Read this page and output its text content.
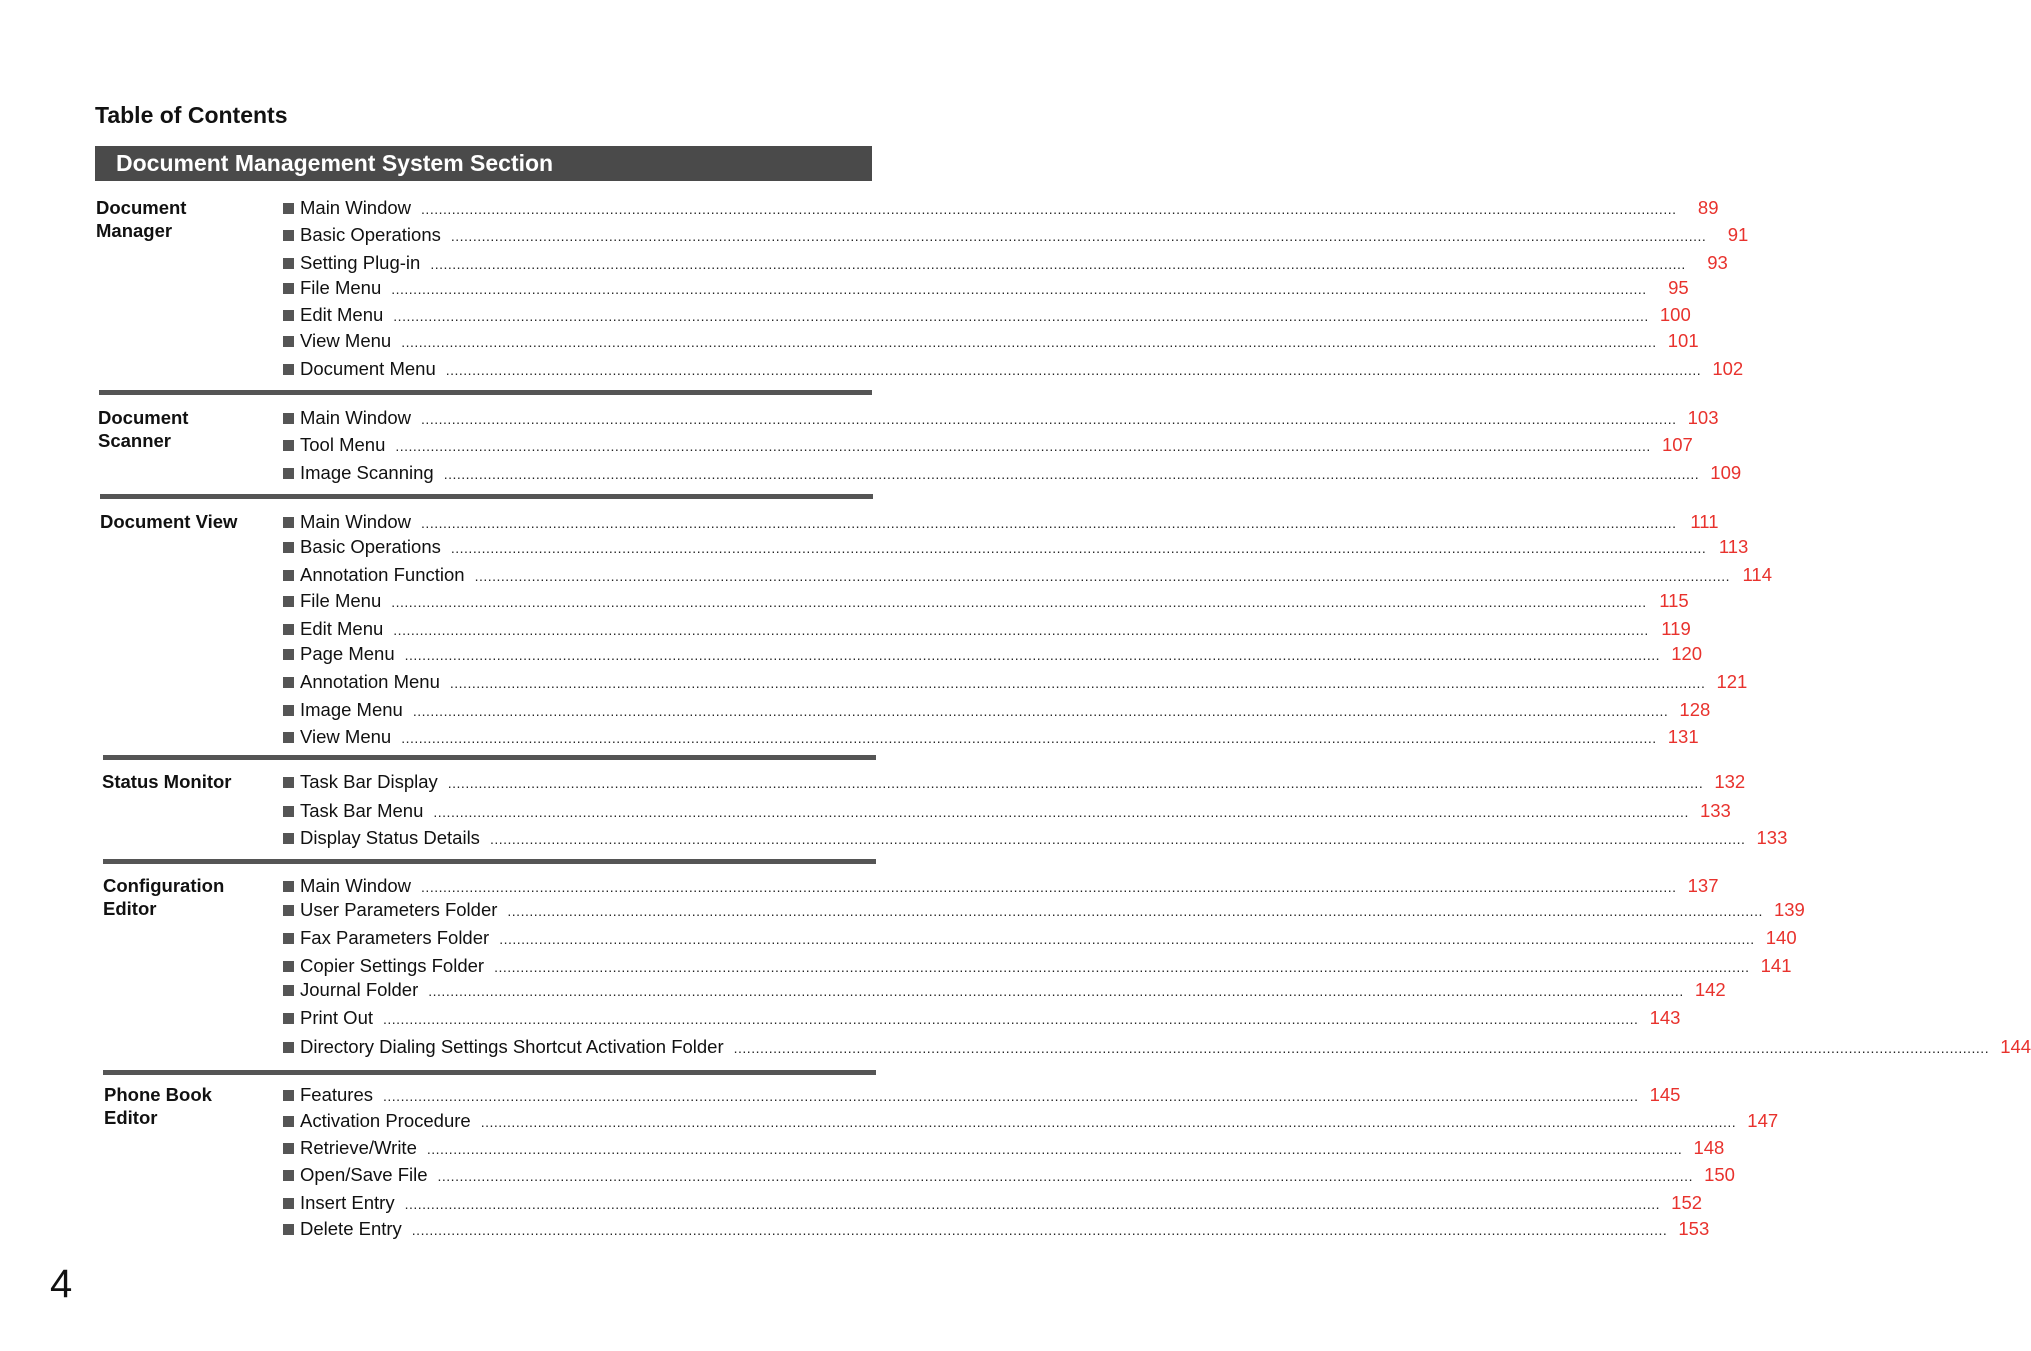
Table of Contents
Document Management System Section
Document
Manager
Main Window ..............................................................................................................................................................................................................................................................................................	89
Basic Operations ..............................................................................................................................................................................................................................................................................................	91
Setting Plug-in ..............................................................................................................................................................................................................................................................................................	93
File Menu ..............................................................................................................................................................................................................................................................................................	95
Edit Menu .............................................................................................................................................................................................................................................................................................. 100
View Menu .............................................................................................................................................................................................................................................................................................. 101
Document Menu .............................................................................................................................................................................................................................................................................................. 102
Document
Scanner
Main Window .............................................................................................................................................................................................................................................................................................. 103
Tool Menu .............................................................................................................................................................................................................................................................................................. 107
Image Scanning .............................................................................................................................................................................................................................................................................................. 109
Document View	Main Window .............................................................................................................................................................................................................................................................................................. 111
Basic Operations .............................................................................................................................................................................................................................................................................................. 113
Annotation Function .............................................................................................................................................................................................................................................................................................. 114
File Menu .............................................................................................................................................................................................................................................................................................. 115
Edit Menu .............................................................................................................................................................................................................................................................................................. 119
Page Menu .............................................................................................................................................................................................................................................................................................. 120
Annotation Menu .............................................................................................................................................................................................................................................................................................. 121
Image Menu .............................................................................................................................................................................................................................................................................................. 128
View Menu .............................................................................................................................................................................................................................................................................................. 131
Status Monitor	Task Bar Display .............................................................................................................................................................................................................................................................................................. 132
Task Bar Menu .............................................................................................................................................................................................................................................................................................. 133
Display Status Details .............................................................................................................................................................................................................................................................................................. 133
Configuration
Editor
Main Window .............................................................................................................................................................................................................................................................................................. 137
User Parameters Folder .............................................................................................................................................................................................................................................................................................. 139
Fax Parameters Folder .............................................................................................................................................................................................................................................................................................. 140
Copier Settings Folder .............................................................................................................................................................................................................................................................................................. 141
Journal Folder .............................................................................................................................................................................................................................................................................................. 142
Print Out .............................................................................................................................................................................................................................................................................................. 143
Directory Dialing Settings Shortcut Activation Folder .............................................................................................................................................................................................................................................................................................. 144
Phone Book
Editor
Features .............................................................................................................................................................................................................................................................................................. 145
Activation Procedure .............................................................................................................................................................................................................................................................................................. 147
Retrieve/Write .............................................................................................................................................................................................................................................................................................. 148
Open/Save File .............................................................................................................................................................................................................................................................................................. 150
Insert Entry .............................................................................................................................................................................................................................................................................................. 152
Delete Entry .............................................................................................................................................................................................................................................................................................. 153
4
